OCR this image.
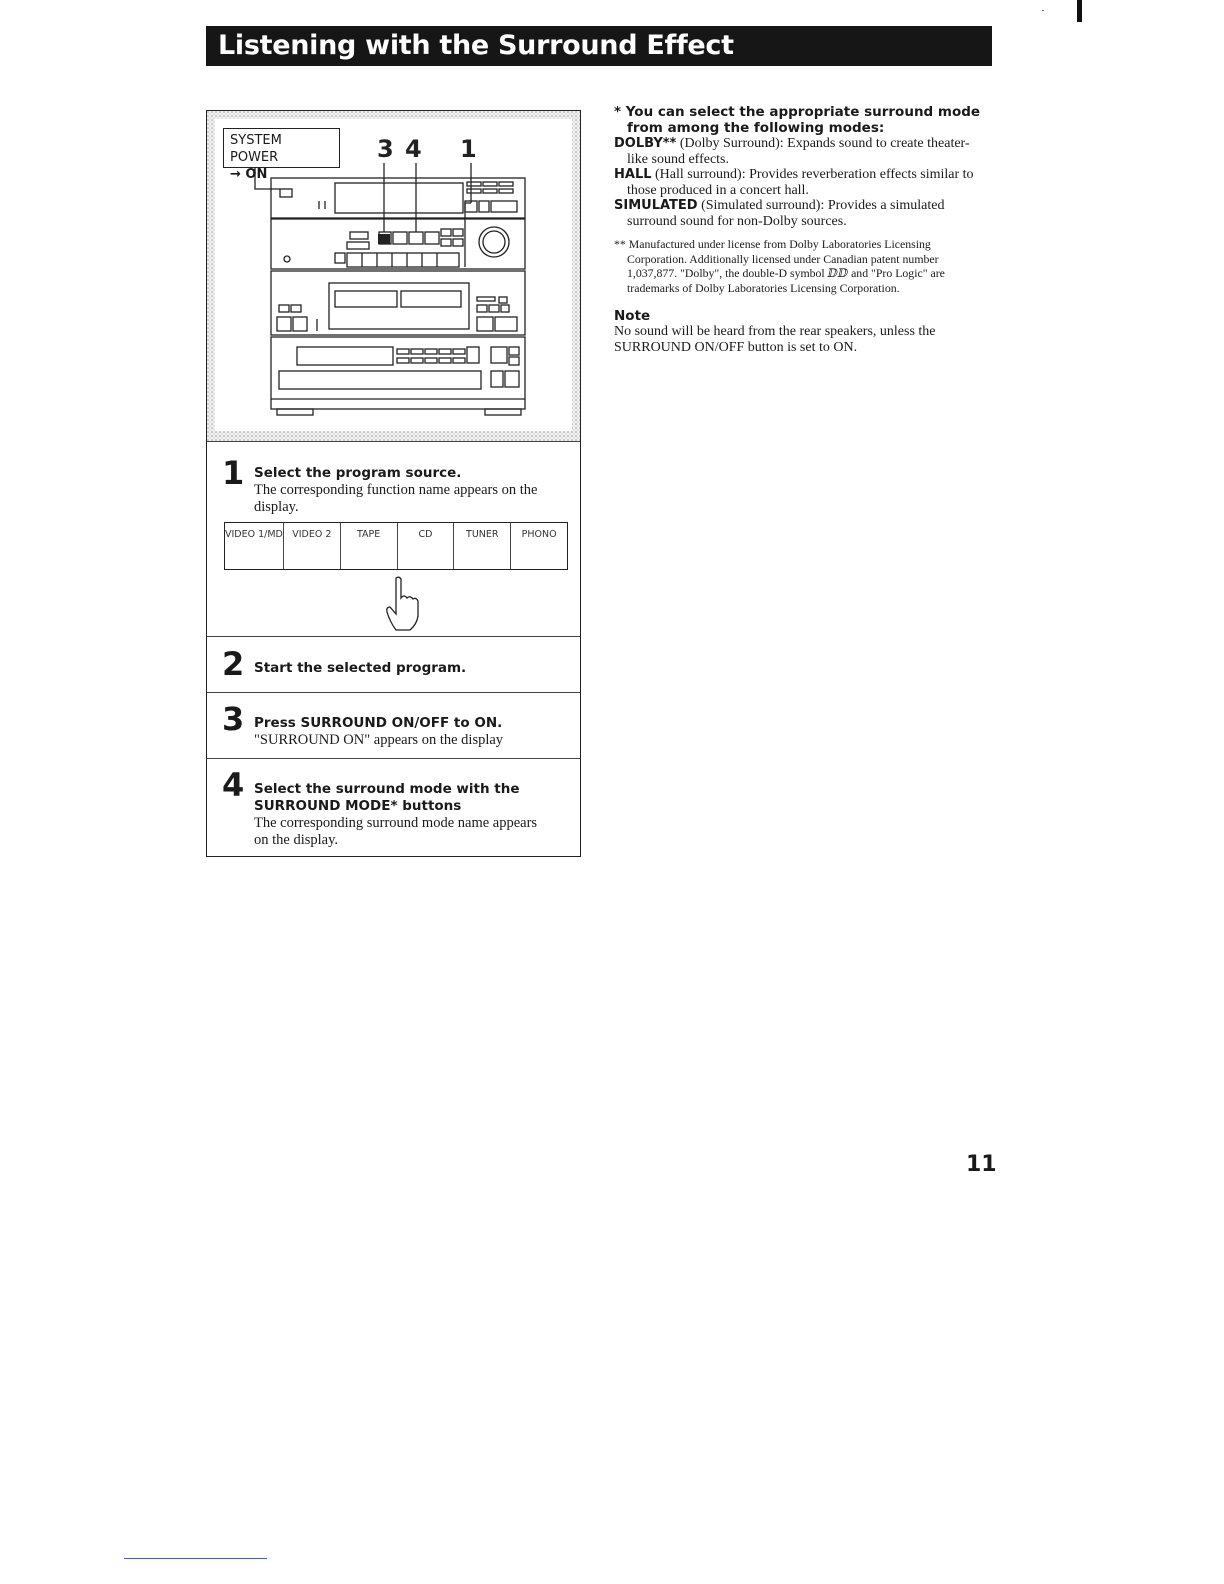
Listening with the Surround Effect
SYSTEM POWER
→ ON
3 4 1
1 Select the program source.
The corresponding function name appears on the display.
VIDEO 1/MD VIDEO 2	TAPE	CD	TUNER	PHONO
2 Start the selected program.
3 Press SURROUND ON/OFF to ON.
"SURROUND ON" appears on the display
4 Select the surround mode with the SURROUND MODE* buttons
The corresponding surround mode name appears on the display.

* You can select the appropriate surround mode from among the following modes:

DOLBY** (Dolby Surround): Expands sound to create theater-like sound effects.

HALL (Hall surround): Provides reverberation effects similar to those produced in a concert hall.

SIMULATED (Simulated surround): Provides a simulated surround sound for non-Dolby sources.

** Manufactured under license from Dolby Laboratories Licensing Corporation. Additionally licensed under Canadian patent number 1,037,877. "Dolby", the double-D symbol ⅅⅅ and "Pro Logic" are trademarks of Dolby Laboratories Licensing Corporation.
Note
No sound will be heard from the rear speakers, unless the SURROUND ON/OFF button is set to ON.
11
